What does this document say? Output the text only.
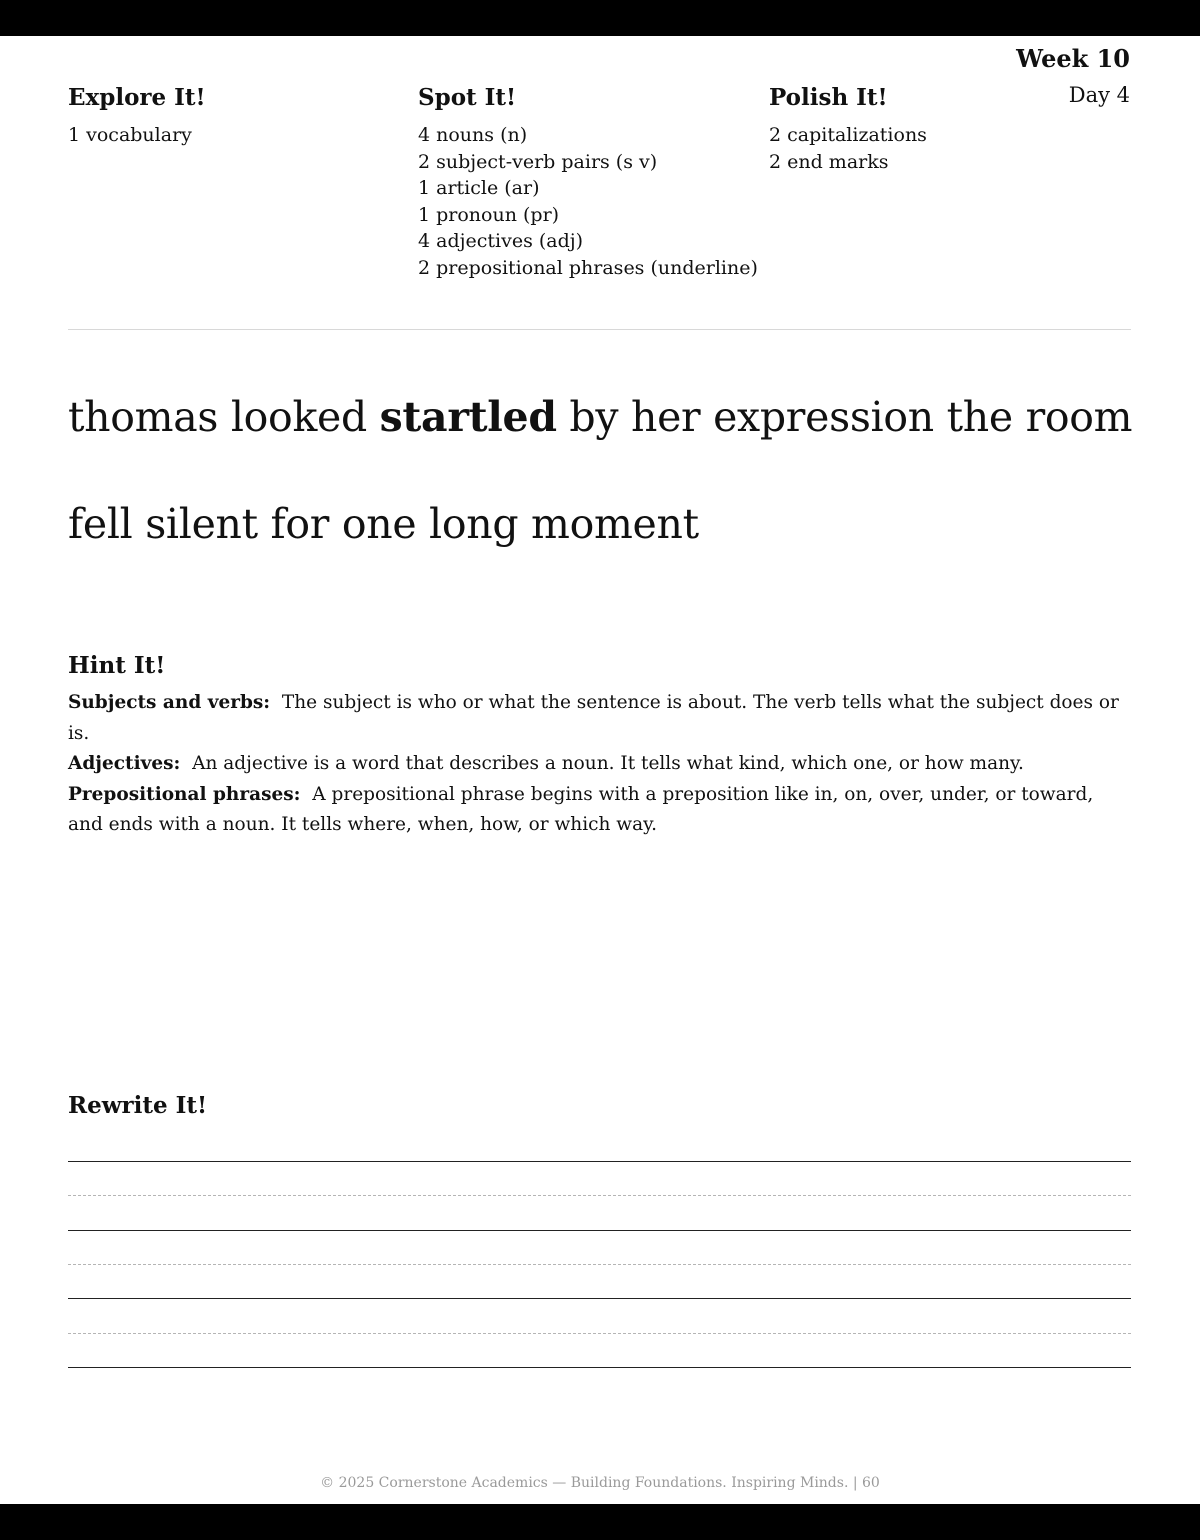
Week 10
Day 4
Explore It!
1 vocabulary
Spot It!
4 nouns (n)
2 subject-verb pairs (s v)
1 article (ar)
1 pronoun (pr)
4 adjectives (adj)
2 prepositional phrases (underline)
Polish It!
2 capitalizations
2 end marks
thomas looked startled by her expression the room fell silent for one long moment
Hint It!

Subjects and verbs: The subject is who or what the sentence is about. The verb tells what the subject does or is.

Adjectives: An adjective is a word that describes a noun. It tells what kind, which one, or how many.

Prepositional phrases: A prepositional phrase begins with a preposition like in, on, over, under, or toward, and ends with a noun. It tells where, when, how, or which way.

Rewrite It!
© 2025 Cornerstone Academics — Building Foundations. Inspiring Minds. | 60
